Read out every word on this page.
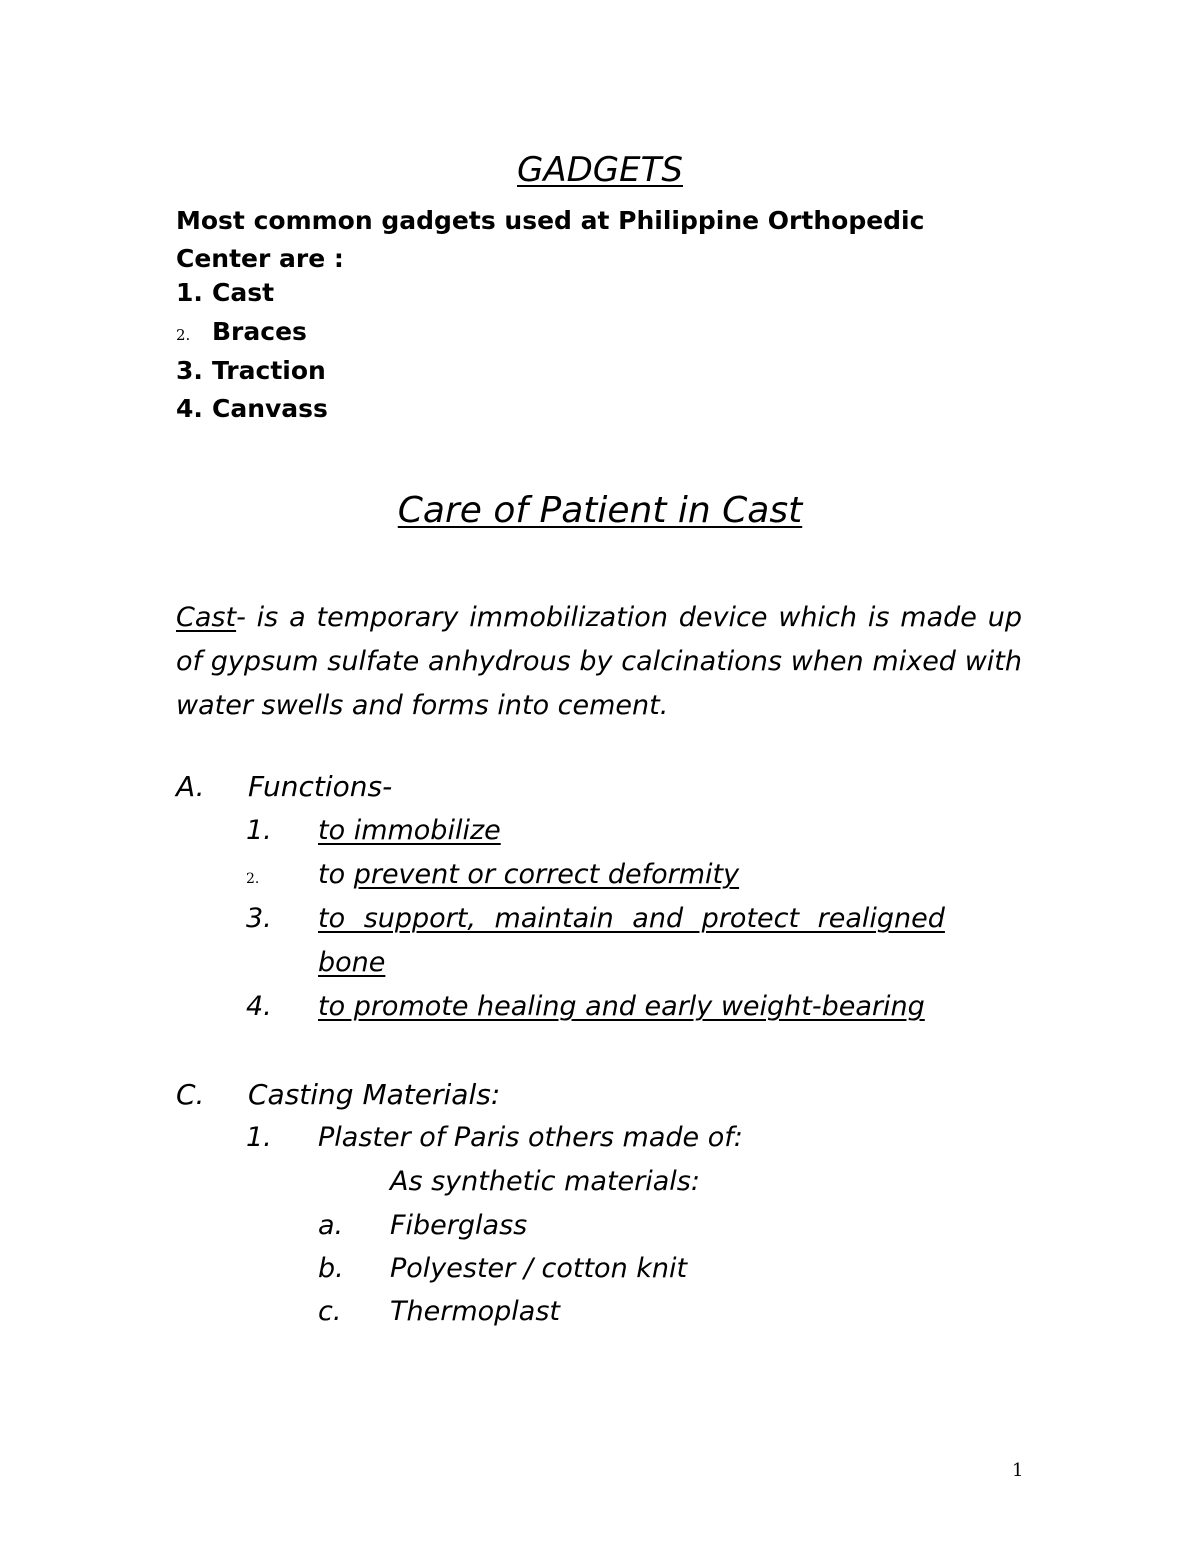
GADGETS
Most common gadgets used at Philippine Orthopedic Center are :
1. Cast
2. Braces
3. Traction
4. Canvass
Care of Patient in Cast
Cast- is a temporary immobilization device which is made up of gypsum sulfate anhydrous by calcinations when mixed with water swells and forms into cement.
A. Functions-
1. to immobilize
2. to prevent or correct deformity
3. to support, maintain and protect realigned
bone
4. to promote healing and early weight-bearing
C. Casting Materials:
1. Plaster of Paris others made of:
As synthetic materials:
a. Fiberglass
b. Polyester / cotton knit
c. Thermoplast
1
